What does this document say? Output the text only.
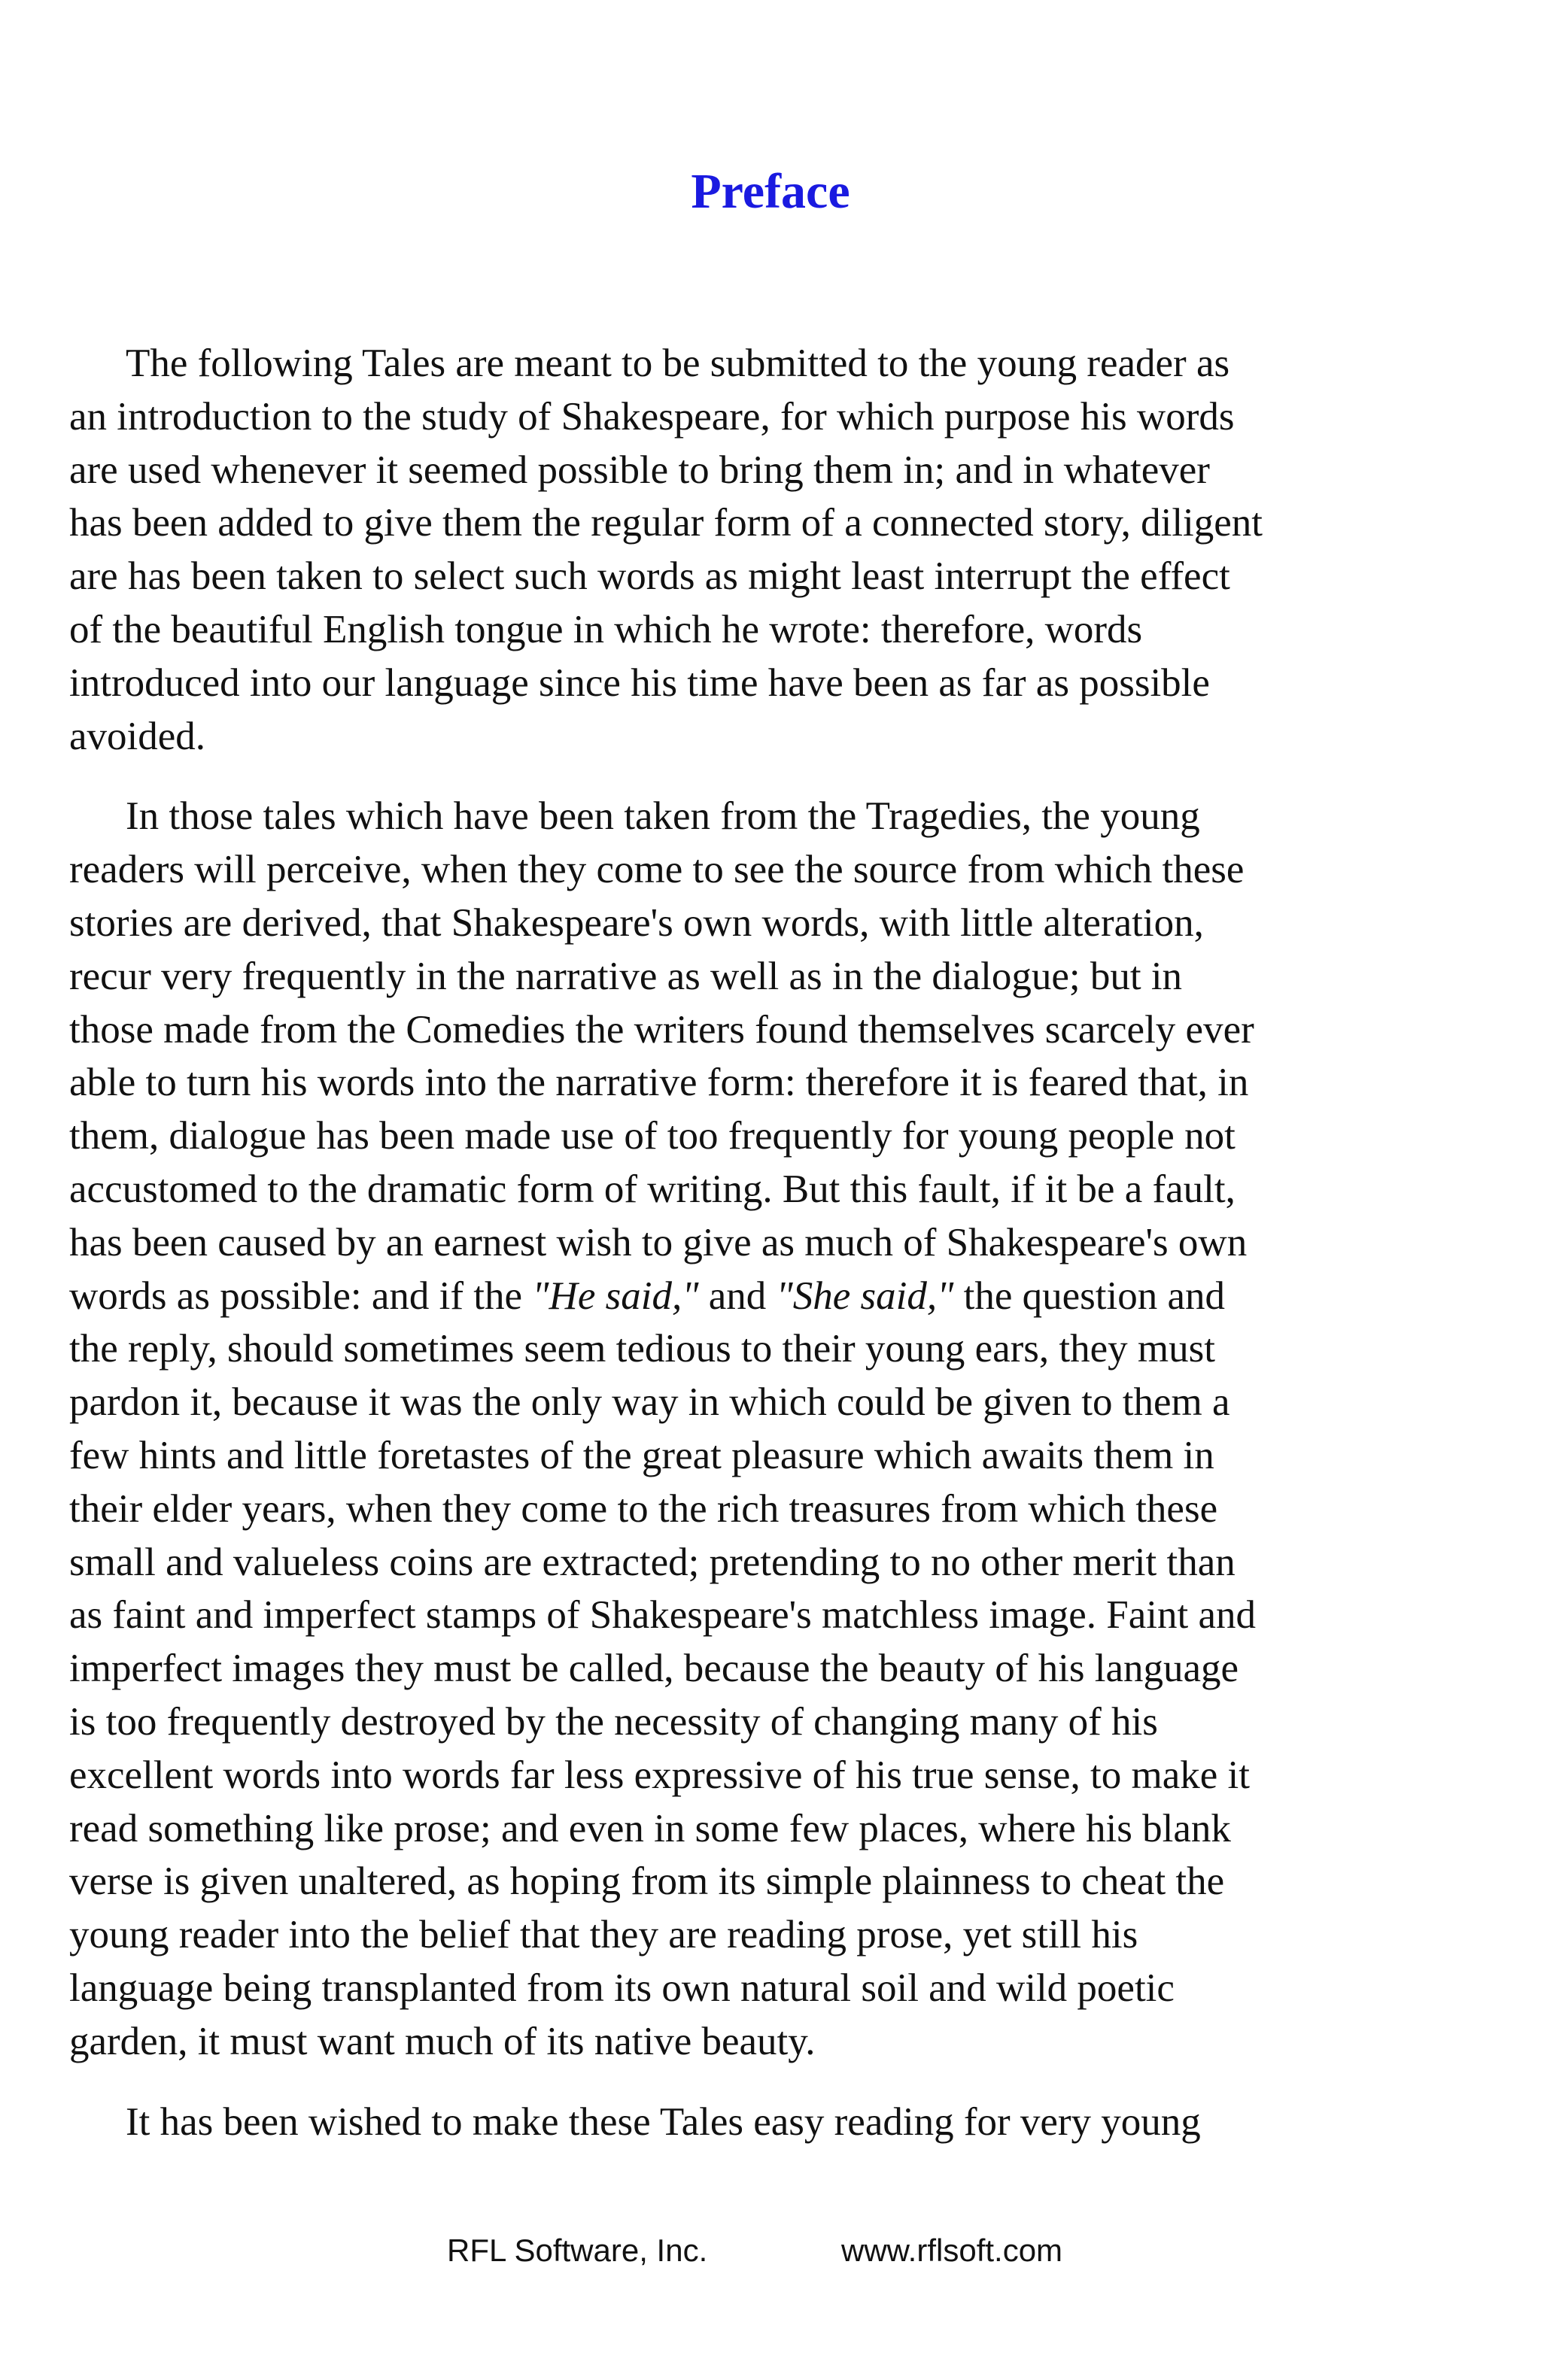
Preface
The following Tales are meant to be submitted to the young reader as
an introduction to the study of Shakespeare, for which purpose his words
are used whenever it seemed possible to bring them in; and in whatever
has been added to give them the regular form of a connected story, diligent
are has been taken to select such words as might least interrupt the effect
of the beautiful English tongue in which he wrote: therefore, words
introduced into our language since his time have been as far as possible
avoided.
In those tales which have been taken from the Tragedies, the young
readers will perceive, when they come to see the source from which these
stories are derived, that Shakespeare's own words, with little alteration,
recur very frequently in the narrative as well as in the dialogue; but in
those made from the Comedies the writers found themselves scarcely ever
able to turn his words into the narrative form: therefore it is feared that, in
them, dialogue has been made use of too frequently for young people not
accustomed to the dramatic form of writing. But this fault, if it be a fault,
has been caused by an earnest wish to give as much of Shakespeare's own
words as possible: and if the "He said," and "She said," the question and
the reply, should sometimes seem tedious to their young ears, they must
pardon it, because it was the only way in which could be given to them a
few hints and little foretastes of the great pleasure which awaits them in
their elder years, when they come to the rich treasures from which these
small and valueless coins are extracted; pretending to no other merit than
as faint and imperfect stamps of Shakespeare's matchless image. Faint and
imperfect images they must be called, because the beauty of his language
is too frequently destroyed by the necessity of changing many of his
excellent words into words far less expressive of his true sense, to make it
read something like prose; and even in some few places, where his blank
verse is given unaltered, as hoping from its simple plainness to cheat the
young reader into the belief that they are reading prose, yet still his
language being transplanted from its own natural soil and wild poetic
garden, it must want much of its native beauty.
It has been wished to make these Tales easy reading for very young
RFL Software, Inc.	www.rflsoft.com
